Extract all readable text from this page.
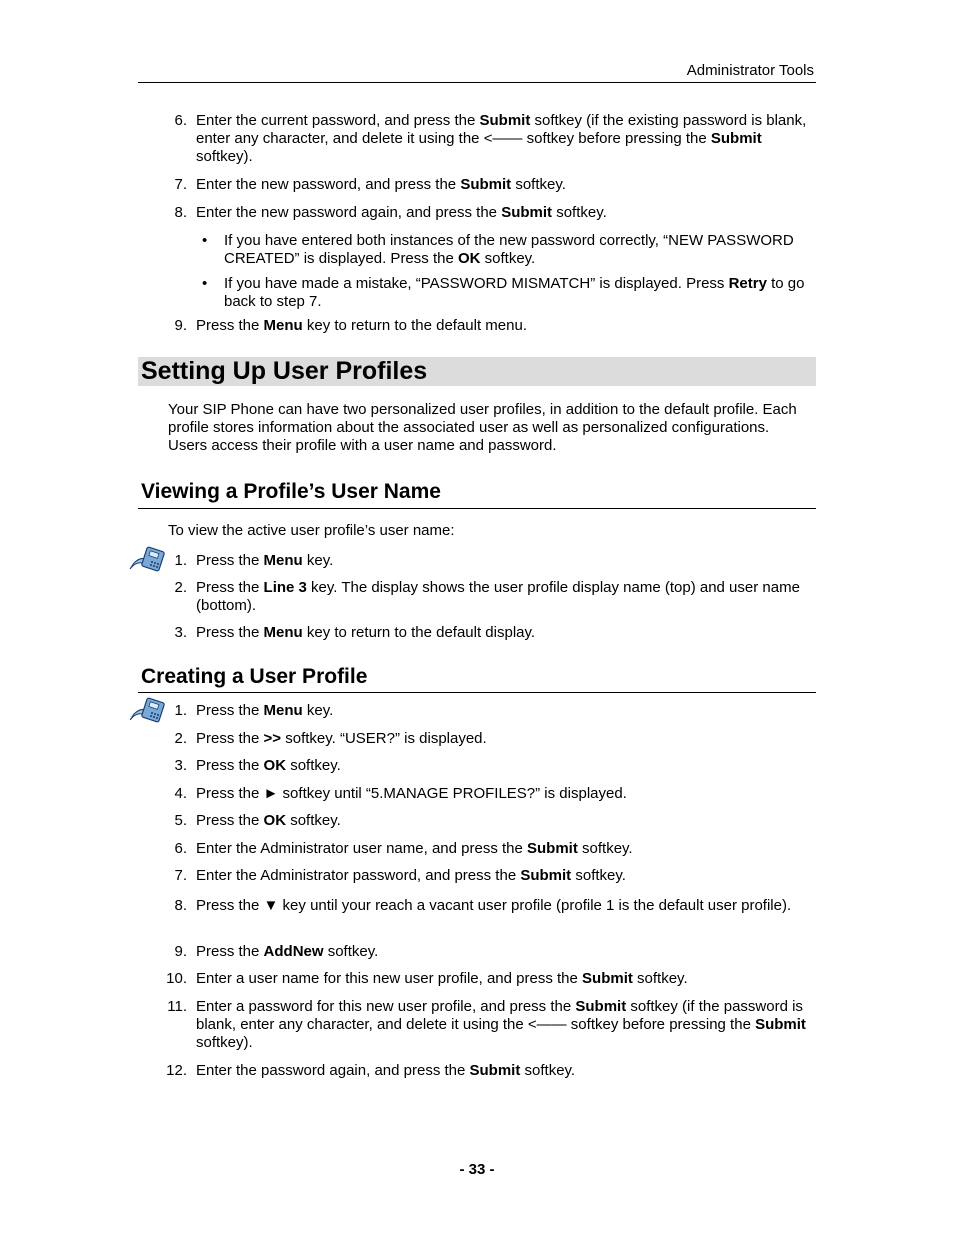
Administrator Tools
6. Enter the current password, and press the Submit softkey (if the existing password is blank, enter any character, and delete it using the <—— softkey before pressing the Submit softkey).
7. Enter the new password, and press the Submit softkey.
8. Enter the new password again, and press the Submit softkey.
• If you have entered both instances of the new password correctly, “NEW PASSWORD CREATED” is displayed. Press the OK softkey.
• If you have made a mistake, “PASSWORD MISMATCH” is displayed. Press Retry to go back to step 7.
9. Press the Menu key to return to the default menu.
Setting Up User Profiles
Your SIP Phone can have two personalized user profiles, in addition to the default profile. Each profile stores information about the associated user as well as personalized configurations. Users access their profile with a user name and password.
Viewing a Profile’s User Name
To view the active user profile’s user name:
1. Press the Menu key.
2. Press the Line 3 key. The display shows the user profile display name (top) and user name (bottom).
3. Press the Menu key to return to the default display.
Creating a User Profile
1. Press the Menu key.
2. Press the >> softkey. “USER?” is displayed.
3. Press the OK softkey.
4. Press the ► softkey until “5.MANAGE PROFILES?” is displayed.
5. Press the OK softkey.
6. Enter the Administrator user name, and press the Submit softkey.
7. Enter the Administrator password, and press the Submit softkey.
8. Press the ▼ key until your reach a vacant user profile (profile 1 is the default user profile).
9. Press the AddNew softkey.
10. Enter a user name for this new user profile, and press the Submit softkey.
11. Enter a password for this new user profile, and press the Submit softkey (if the password is blank, enter any character, and delete it using the <—— softkey before pressing the Submit softkey).
12. Enter the password again, and press the Submit softkey.
- 33 -
